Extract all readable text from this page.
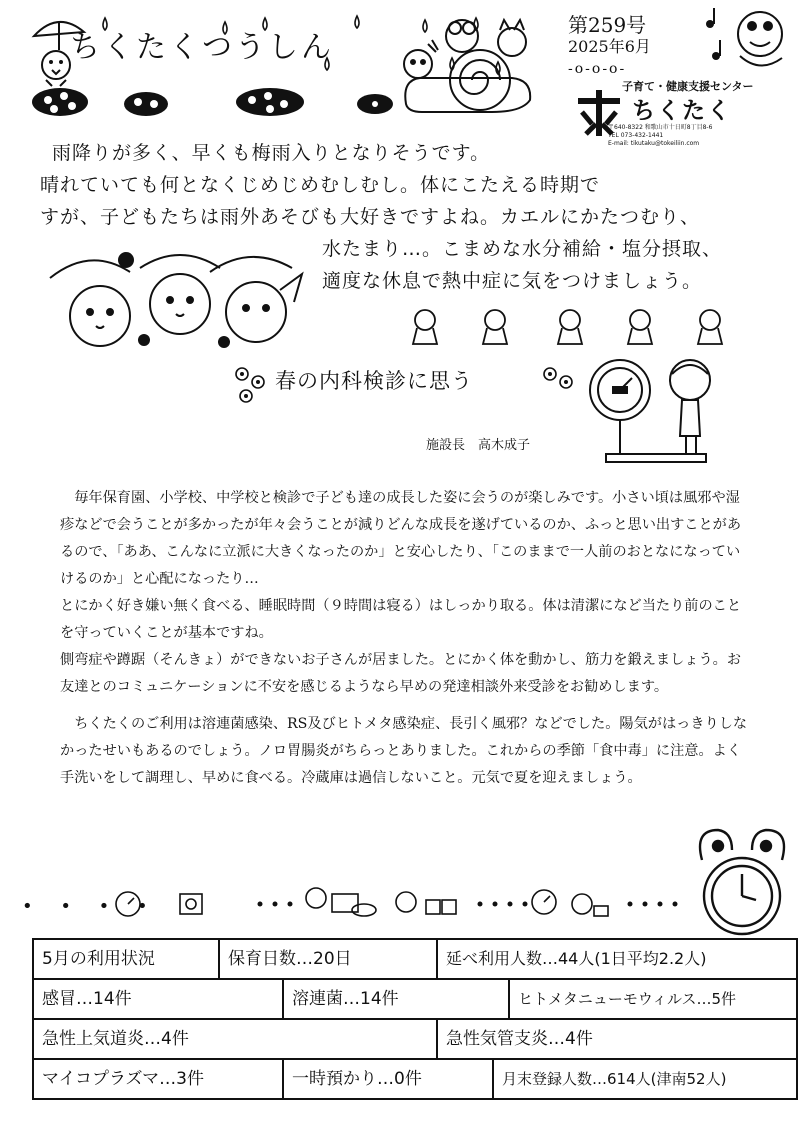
ちくたくつうしん
第259号
2025年6月
-o-o-o-
子育て・健康支援センター
ちくたく
〒640-8322 和歌山市十日町8丁目8-6
TEL 073-432-1441
E-mail: tikutaku@tokeiliin.com
雨降りが多く、早くも梅雨入りとなりそうです。
晴れていても何となくじめじめむしむし。体にこたえる時期で
すが、子どもたちは雨外あそびも大好きですよね。カエルにかたつむり、
水たまり…。こまめな水分補給・塩分摂取、
適度な休息で熱中症に気をつけましょう。
春の内科検診に思う
施設長　高木成子

毎年保育園、小学校、中学校と検診で子ども達の成長した姿に会うのが楽しみです。小さい頃は風邪や湿疹などで会うことが多かったが年々会うことが減りどんな成長を遂げているのか、ふっと思い出すことがあるので、「ああ、こんなに立派に大きくなったのか」と安心したり、「このままで一人前のおとなになっていけるのか」と心配になったり…

とにかく好き嫌い無く食べる、睡眠時間（９時間は寝る）はしっかり取る。体は清潔になど当たり前のことを守っていくことが基本ですね。

側弯症や蹲踞（そんきょ）ができないお子さんが居ました。とにかく体を動かし、筋力を鍛えましょう。お友達とのコミュニケーションに不安を感じるようなら早めの発達相談外来受診をお勧めします。

ちくたくのご利用は溶連菌感染、RS及びヒトメタ感染症、長引く風邪？などでした。陽気がはっきりしなかったせいもあるのでしょう。ノロ胃腸炎がちらっとありました。これからの季節「食中毒」に注意。よく手洗いをして調理し、早めに食べる。冷蔵庫は過信しないこと。元気で夏を迎えましょう。

• • • •
5月の利用状況	保育日数…20日	延べ利用人数…44人(1日平均2.2人)
感冒…14件	溶連菌…14件	ヒトメタニューモウィルス…5件
急性上気道炎…4件	急性気管支炎…4件
マイコプラズマ…3件	一時預かり…0件	月末登録人数…614人(津南52人)
